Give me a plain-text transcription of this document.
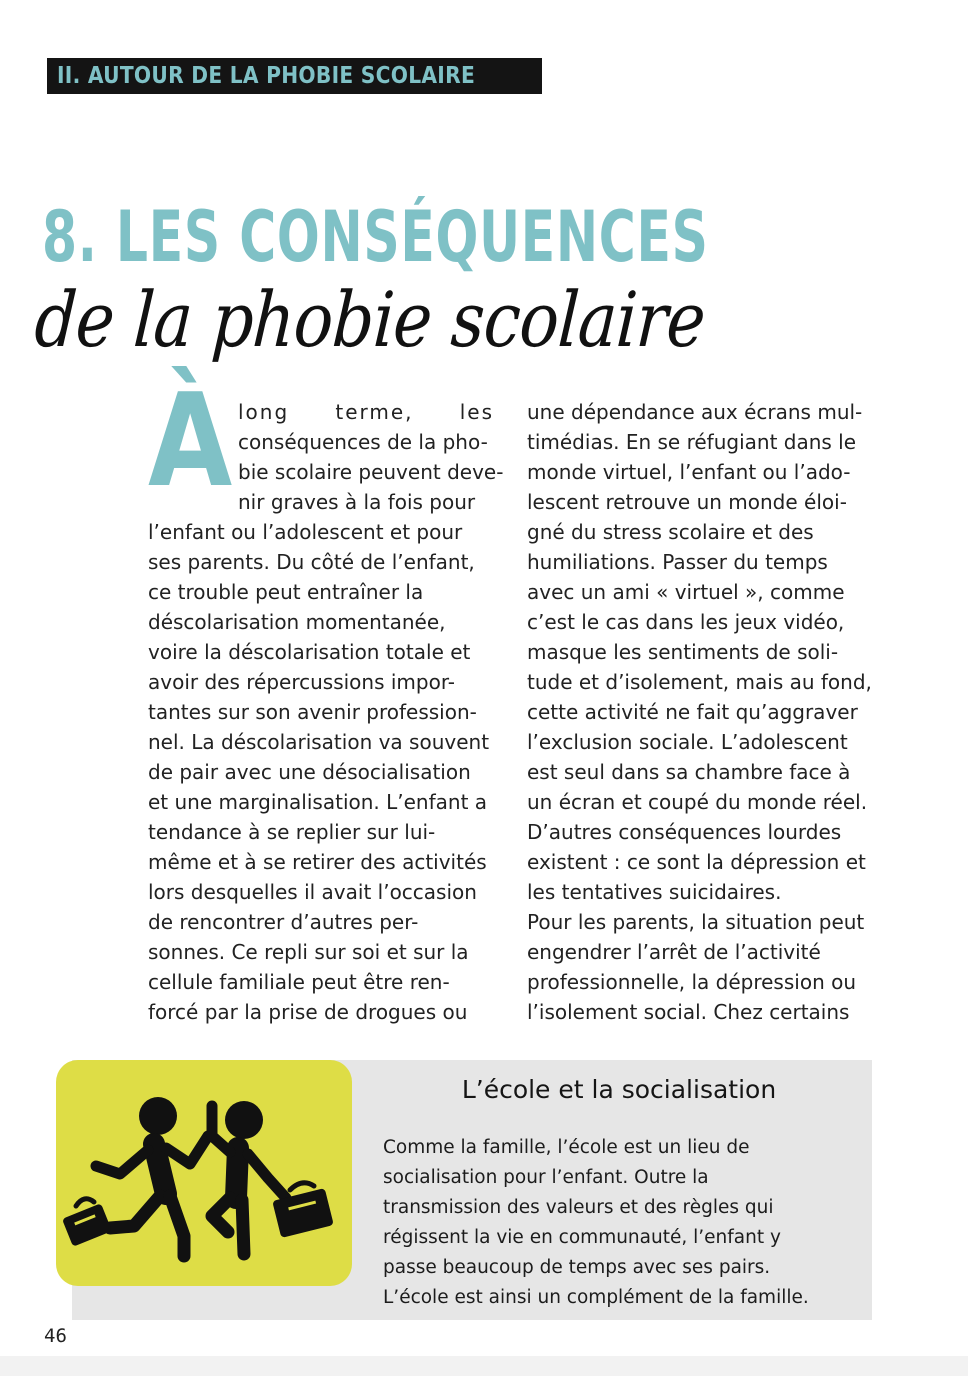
II. AUTOUR DE LA PHOBIE SCOLAIRE
8. LES CONSÉQUENCES
de la phobie scolaire
À long terme, les
conséquences de la pho-
bie scolaire peuvent deve-
nir graves à la fois pour
l’enfant ou l’adolescent et pour
ses parents. Du côté de l’enfant,
ce trouble peut entraîner la
déscolarisation momentanée,
voire la déscolarisation totale et
avoir des répercussions impor-
tantes sur son avenir profession-
nel. La déscolarisation va souvent
de pair avec une désocialisation
et une marginalisation. L’enfant a
tendance à se replier sur lui-
même et à se retirer des activités
lors desquelles il avait l’occasion
de rencontrer d’autres per-
sonnes. Ce repli sur soi et sur la
cellule familiale peut être ren-
forcé par la prise de drogues ou
une dépendance aux écrans mul-
timédias. En se réfugiant dans le
monde virtuel, l’enfant ou l’ado-
lescent retrouve un monde éloi-
gné du stress scolaire et des
humiliations. Passer du temps
avec un ami « virtuel », comme
c’est le cas dans les jeux vidéo,
masque les sentiments de soli-
tude et d’isolement, mais au fond,
cette activité ne fait qu’aggraver
l’exclusion sociale. L’adolescent
est seul dans sa chambre face à
un écran et coupé du monde réel.
D’autres conséquences lourdes
existent : ce sont la dépression et
les tentatives suicidaires.
Pour les parents, la situation peut
engendrer l’arrêt de l’activité
professionnelle, la dépression ou
l’isolement social. Chez certains
L’école et la socialisation
Comme la famille, l’école est un lieu de
socialisation pour l’enfant. Outre la
transmission des valeurs et des règles qui
régissent la vie en communauté, l’enfant y
passe beaucoup de temps avec ses pairs.
L’école est ainsi un complément de la famille.
46
